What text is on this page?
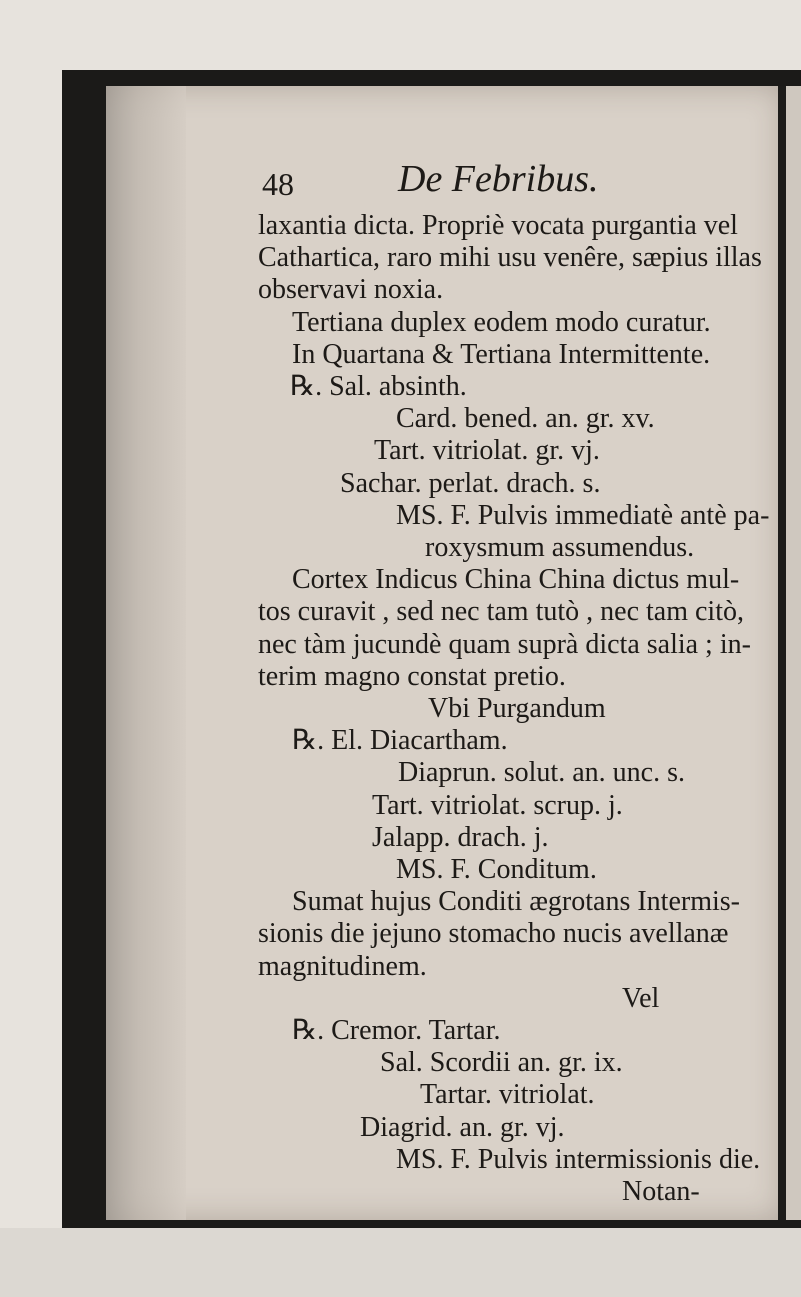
48	De Febribus.
laxantia dicta. Propriè vocata purgantia vel
Cathartica, raro mihi usu venêre, sæpius illas
observavi noxia.
Tertiana duplex eodem modo curatur.
In Quartana & Tertiana Intermittente.
℞. Sal. absinth.
Card. bened. an. gr. xv.
Tart. vitriolat. gr. vj.
Sachar. perlat. drach. s.
MS. F. Pulvis immediatè antè pa-
roxysmum assumendus.
Cortex Indicus China China dictus mul-
tos curavit , sed nec tam tutò , nec tam citò,
nec tàm jucundè quam suprà dicta salia ; in-
terim magno constat pretio.
Vbi Purgandum
℞. El. Diacartham.
Diaprun. solut. an. unc. s.
Tart. vitriolat. scrup. j.
Jalapp. drach. j.
MS. F. Conditum.
Sumat hujus Conditi ægrotans Intermis-
sionis die jejuno stomacho nucis avellanæ
magnitudinem.
Vel
℞. Cremor. Tartar.
Sal. Scordii an. gr. ix.
Tartar. vitriolat.
Diagrid. an. gr. vj.
MS. F. Pulvis intermissionis die.
Notan-
